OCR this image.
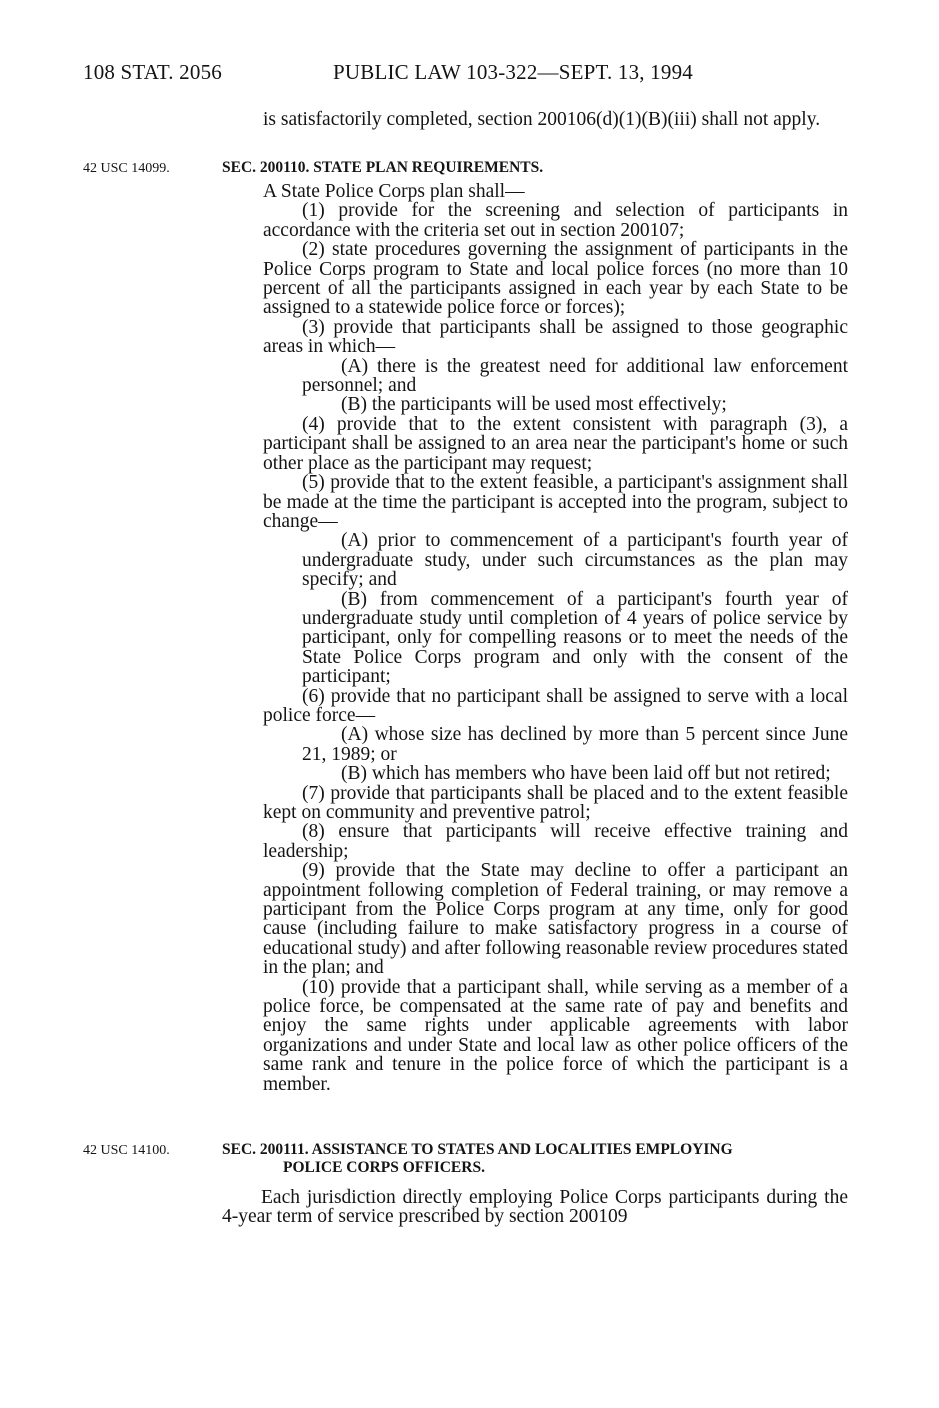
108 STAT. 2056	PUBLIC LAW 103-322—SEPT. 13, 1994

is satisfactorily completed, section 200106(d)(1)(B)(iii) shall not apply.

42 USC 14099.	SEC. 200110. STATE PLAN REQUIREMENTS.

A State Police Corps plan shall—

(1) provide for the screening and selection of participants in accordance with the criteria set out in section 200107;

(2) state procedures governing the assignment of participants in the Police Corps program to State and local police forces (no more than 10 percent of all the participants assigned in each year by each State to be assigned to a statewide police force or forces);

(3) provide that participants shall be assigned to those geographic areas in which—

(A) there is the greatest need for additional law enforcement personnel; and

(B) the participants will be used most effectively;

(4) provide that to the extent consistent with paragraph (3), a participant shall be assigned to an area near the participant's home or such other place as the participant may request;

(5) provide that to the extent feasible, a participant's assignment shall be made at the time the participant is accepted into the program, subject to change—

(A) prior to commencement of a participant's fourth year of undergraduate study, under such circumstances as the plan may specify; and

(B) from commencement of a participant's fourth year of undergraduate study until completion of 4 years of police service by participant, only for compelling reasons or to meet the needs of the State Police Corps program and only with the consent of the participant;

(6) provide that no participant shall be assigned to serve with a local police force—

(A) whose size has declined by more than 5 percent since June 21, 1989; or

(B) which has members who have been laid off but not retired;

(7) provide that participants shall be placed and to the extent feasible kept on community and preventive patrol;

(8) ensure that participants will receive effective training and leadership;

(9) provide that the State may decline to offer a participant an appointment following completion of Federal training, or may remove a participant from the Police Corps program at any time, only for good cause (including failure to make satisfactory progress in a course of educational study) and after following reasonable review procedures stated in the plan; and

(10) provide that a participant shall, while serving as a member of a police force, be compensated at the same rate of pay and benefits and enjoy the same rights under applicable agreements with labor organizations and under State and local law as other police officers of the same rank and tenure in the police force of which the participant is a member.

42 USC 14100.	SEC. 200111. ASSISTANCE TO STATES AND LOCALITIES EMPLOYING
POLICE CORPS OFFICERS.

Each jurisdiction directly employing Police Corps participants during the 4-year term of service prescribed by section 200109
